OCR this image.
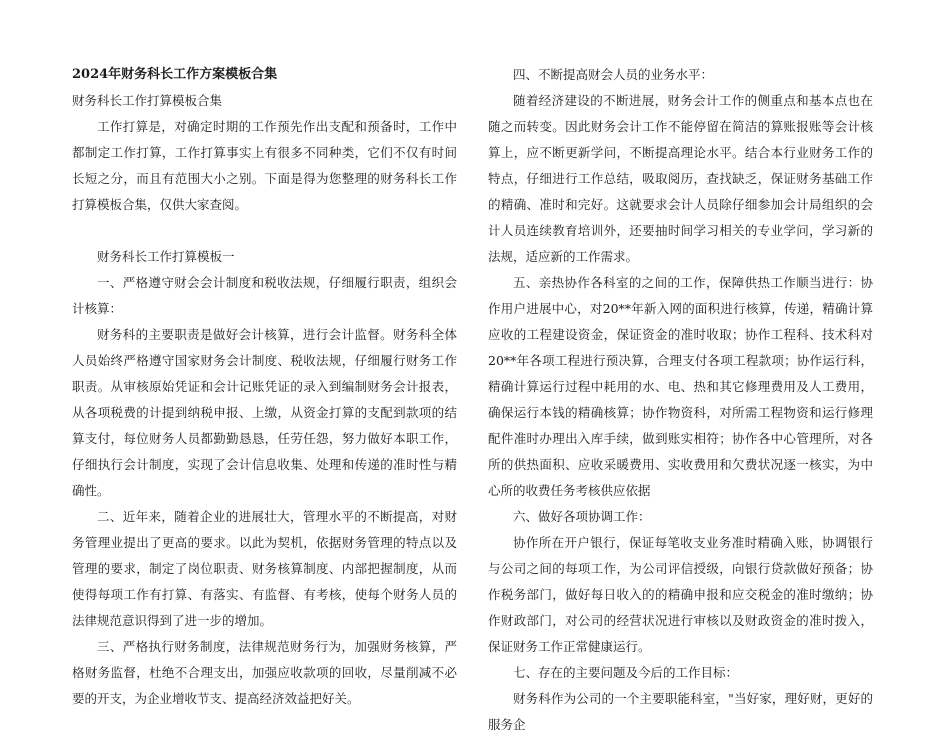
2024年财务科长工作方案模板合集

财务科长工作打算模板合集

工作打算是，对确定时期的工作预先作出支配和预备时，工作中都制定工作打算，工作打算事实上有很多不同种类，它们不仅有时间长短之分，而且有范围大小之别。下面是得为您整理的财务科长工作打算模板合集，仅供大家查阅。

财务科长工作打算模板一

一、严格遵守财会会计制度和税收法规，仔细履行职责，组织会计核算：

财务科的主要职责是做好会计核算，进行会计监督。财务科全体人员始终严格遵守国家财务会计制度、税收法规，仔细履行财务工作职责。从审核原始凭证和会计记账凭证的录入到编制财务会计报表，从各项税费的计提到纳税申报、上缴，从资金打算的支配到款项的结算支付，每位财务人员都勤勤恳恳，任劳任怨，努力做好本职工作，仔细执行会计制度，实现了会计信息收集、处理和传递的准时性与精确性。

二、近年来，随着企业的进展壮大，管理水平的不断提高，对财务管理业提出了更高的要求。以此为契机，依据财务管理的特点以及管理的要求，制定了岗位职责、财务核算制度、内部把握制度，从而使得每项工作有打算、有落实、有监督、有考核，使每个财务人员的法律规范意识得到了进一步的增加。

三、严格执行财务制度，法律规范财务行为，加强财务核算，严格财务监督，杜绝不合理支出，加强应收款项的回收，尽量削减不必要的开支，为企业增收节支、提高经济效益把好关。

四、不断提高财会人员的业务水平：

随着经济建设的不断进展，财务会计工作的侧重点和基本点也在随之而转变。因此财务会计工作不能停留在简洁的算账报账等会计核算上，应不断更新学问，不断提高理论水平。结合本行业财务工作的特点，仔细进行工作总结，吸取阅历，查找缺乏，保证财务基础工作的精确、准时和完好。这就要求会计人员除仔细参加会计局组织的会计人员连续教育培训外，还要抽时间学习相关的专业学问，学习新的法规，适应新的工作需求。

五、亲热协作各科室的之间的工作，保障供热工作顺当进行：协作用户进展中心，对20**年新入网的面积进行核算，传递，精确计算应收的工程建设资金，保证资金的准时收取；协作工程科、技术科对20**年各项工程进行预决算，合理支付各项工程款项；协作运行科，精确计算运行过程中耗用的水、电、热和其它修理费用及人工费用，确保运行本钱的精确核算；协作物资科，对所需工程物资和运行修理配件准时办理出入库手续，做到账实相符；协作各中心管理所，对各所的供热面积、应收采暖费用、实收费用和欠费状况逐一核实，为中心所的收费任务考核供应依据

六、做好各项协调工作：

协作所在开户银行，保证每笔收支业务准时精确入账，协调银行与公司之间的每项工作，为公司评信授级，向银行贷款做好预备；协作税务部门，做好每日收入的的精确申报和应交税金的准时缴纳；协作财政部门，对公司的经营状况进行审核以及财政资金的准时拨入，保证财务工作正常健康运行。

七、存在的主要问题及今后的工作目标：

财务科作为公司的一个主要职能科室，"当好家，理好财，更好的服务企
